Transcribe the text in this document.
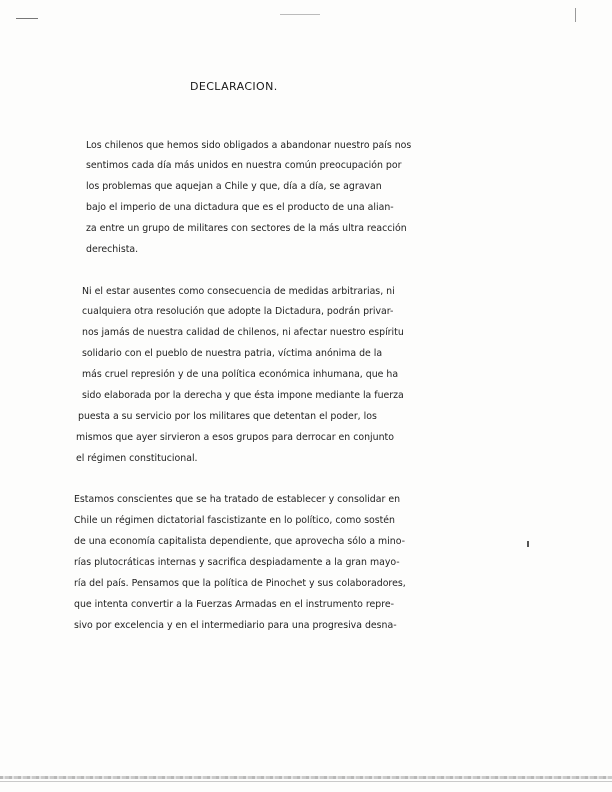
DECLARACION.
Los chilenos que hemos sido obligados a abandonar nuestro país nos
sentimos cada día más unidos en nuestra común preocupación por
los problemas que aquejan a Chile y que, día a día, se agravan
bajo el imperio de una dictadura que es el producto de una alian-
za entre un grupo de militares con sectores de la más ultra reacción
derechista.
Ni el estar ausentes como consecuencia de medidas arbitrarias, ni
cualquiera otra resolución que adopte la Dictadura, podrán privar-
nos jamás de nuestra calidad de chilenos, ni afectar nuestro espíritu
solidario con el pueblo de nuestra patria, víctima anónima de la
más cruel represión y de una política económica inhumana, que ha
sido elaborada por la derecha y que ésta impone mediante la fuerza
puesta a su servicio por los militares que detentan el poder, los
mismos que ayer sirvieron a esos grupos para derrocar en conjunto
el régimen constitucional.
Estamos conscientes que se ha tratado de establecer y consolidar en
Chile un régimen dictatorial fascistizante en lo político, como sostén
de una economía capitalista dependiente, que aprovecha sólo a mino-
rías plutocráticas internas y sacrifica despiadamente a la gran mayo-
ría del país. Pensamos que la política de Pinochet y sus colaboradores,
que intenta convertir a la Fuerzas Armadas en el instrumento repre-
sivo por excelencia y en el intermediario para una progresiva desna-
